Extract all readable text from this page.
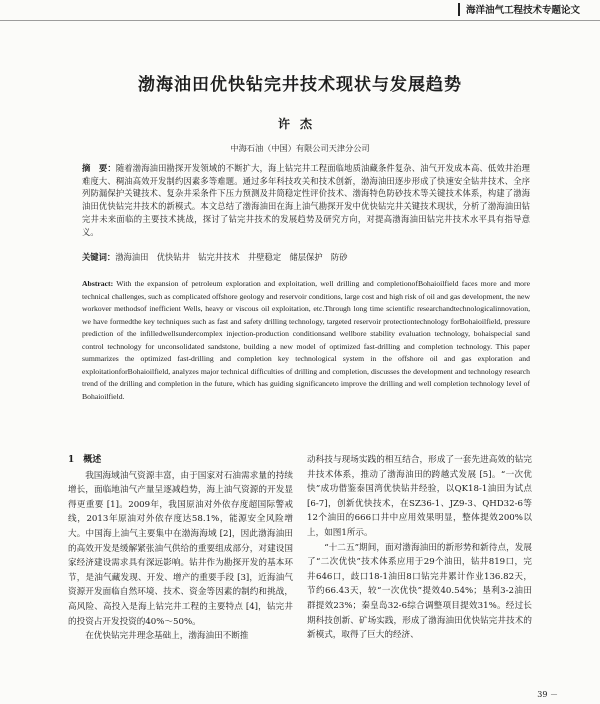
海洋油气工程技术专题论文
渤海油田优快钻完井技术现状与发展趋势
许杰
中海石油（中国）有限公司天津分公司
摘　要：随着渤海油田勘探开发领域的不断扩大，海上钻完井工程面临地质油藏条件复杂、油气开发成本高、低效井治理难度大、稠油高效开发制约因素多等难题。通过多年科技攻关和技术创新，渤海油田逐步形成了快速安全钻井技术、全序列防漏保护关键技术、复杂井采条件下压力预测及井筒稳定性评价技术、渤海特色防砂技术等关键技术体系，构建了渤海油田优快钻完井技术的新模式。本文总结了渤海油田在海上油气勘探开发中优快钻完井关键技术现状，分析了渤海油田钻完井未来面临的主要技术挑战，探讨了钻完井技术的发展趋势及研究方向，对提高渤海油田钻完井技术水平具有指导意义。
关键词：渤海油田　优快钻井　钻完井技术　井壁稳定　储层保护　防砂
Abstract: With the expansion of petroleum exploration and exploitation, well drilling and completionofBohaioilfield faces more and more technical challenges, such as complicated offshore geology and reservoir conditions, large cost and high risk of oil and gas development, the new workover methodsof inefficient Wells, heavy or viscous oil exploitation, etc.Through long time scientific researchandtechnologicalinnovation, we have formedthe key techniques such as fast and safety drilling technology, targeted reservoir protectiontechnology forBohaioilfield, pressure prediction of the infilledwellsundercomplex injection-production conditionsand wellbore stability evaluation technology, bohaispecial sand control technology for unconsolidated sandstone, building a new model of optimized fast-drilling and completion technology. This paper summarizes the optimized fast-drilling and completion key technological system in the offshore oil and gas exploration and exploitationforBohaioilfield, analyzes major technical difficulties of drilling and completion, discusses the development and technology research trend of the drilling and completion in the future, which has guiding significanceto improve the drilling and well completion technology level of Bohaioilfield.
1　概述

我国海域油气资源丰富，由于国家对石油需求量的持续增长，面临地油气产量呈逐减趋势，海上油气资源的开发显得更重要 [1]。2009年，我国原油对外依存度超国际警戒线，2013年原油对外依存度达58.1%，能源安全风险增大。中国海上油气主要集中在渤海海域 [2]，因此渤海油田的高效开发是缓解紧张油气供给的重要组成部分，对建设国家经济建设需求具有深远影响。钻井作为勘探开发的基本环节，是油气藏发现、开发、增产的重要手段 [3]，近海油气资源开发面临自然环境、技术、资金等因素的制约和挑战，高风险、高投入是海上钻完井工程的主要特点 [4]，钻完井的投资占开发投资的40%～50%。

在优快钻完井理念基础上，渤海油田不断推

动科技与现场实践的相互结合，形成了一套先进高效的钻完井技术体系，推动了渤海油田的跨越式发展 [5]。“一次优快”成功借鉴泰国湾优快钻井经验，以QK18-1油田为试点 [6-7]，创新优快技术，在SZ36-1、JZ9-3、QHD32-6等12个油田的666口井中应用效果明显，整体提效200%以上，如图1所示。

“十二五”期间，面对渤海油田的新形势和新待点，发展了“二次优快”技术体系应用于29个油田，钻井819口，完井646口，歧口18-1油田8口钻完井累计作业136.82天，节约66.43天，较“一次优快”提效40.54%；垦利3-2油田群提效23%；秦皇岛32-6综合调整项目提效31%。经过长期科技创新、矿场实践，形成了渤海油田优快钻完井技术的新模式，取得了巨大的经济、

39 －
